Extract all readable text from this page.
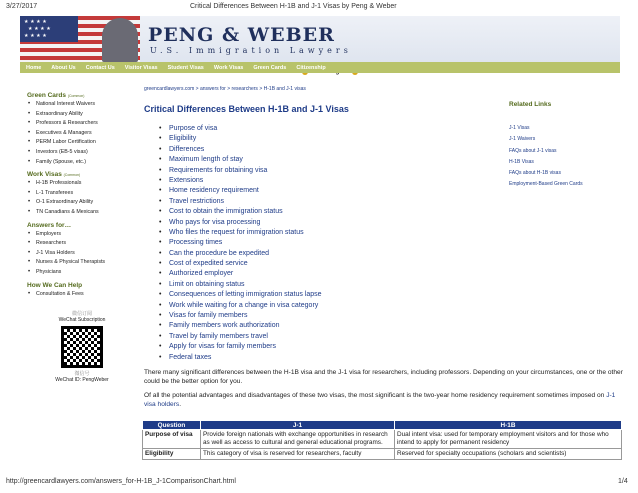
3/27/2017	Critical Differences Between H-1B and J-1 Visas by Peng & Weber
★ ★ ★ ★
★ ★ ★ ★
★ ★ ★ ★	PENG & WEBER
U.S. Immigration Lawyers
Home About Us Contact Us Visitor Visas Student Visas Work Visas Green Cards Citizenship
Green Cards (Common)
• National Interest Waivers
• Extraordinary Ability
• Professors & Researchers
• Executives & Managers
• PERM Labor Certification
• Investors (EB-5 visas)
• Family (Spouse, etc.)
Work Visas (Common)
• H-1B Professionals
• L-1 Transferees
• O-1 Extraordinary Ability
• TN Canadians & Mexicans
Answers for…
• Employers
• Researchers
• J-1 Visa Holders
• Nurses & Physical Therapists
• Physicians
How We Can Help
• Consultation & Fees
微信订阅
WeChat Subscription
微信号
WeChat ID: PengWeber
greencardlawyers.com > answers for > researchers > H-1B and J-1 visas
Critical Differences Between H-1B and J-1 Visas
• Purpose of visa
• Eligibility
• Differences
• Maximum length of stay
• Requirements for obtaining visa
• Extensions
• Home residency requirement
• Travel restrictions
• Cost to obtain the immigration status
• Who pays for visa processing
• Who files the request for immigration status
• Processing times
• Can the procedure be expedited
• Cost of expedited service
• Authorized employer
• Limit on obtaining status
• Consequences of letting immigration status lapse
• Work while waiting for a change in visa category
• Visas for family members
• Family members work authorization
• Travel by family members travel
• Apply for visas for family members
• Federal taxes

There many significant differences between the H-1B visa and the J-1 visa for researchers, including professors. Depending on your circumstances, one or the other could be the better option for you.

Of all the potential advantages and disadvantages of these two visas, the most significant is the two-year home residency requirement sometimes imposed on J-1 visa holders.

Related Links
J-1 Visas
J-1 Waivers
FAQs about J-1 visas
H-1B Visas
FAQs about H-1B visas
Employment-Based Green Cards
Question	J-1	H-1B
Purpose of visa	Provide foreign nationals with exchange opportunities in research as well as access to cultural and general educational programs.	Dual intent visa: used for temporary employment visitors and for those who intend to apply for permanent residency
Eligibility	This category of visa is reserved for researchers, faculty	Reserved for specialty occupations (scholars and scientists)
http://greencardlawyers.com/answers_for-H-1B_J-1ComparisonChart.html	1/4
